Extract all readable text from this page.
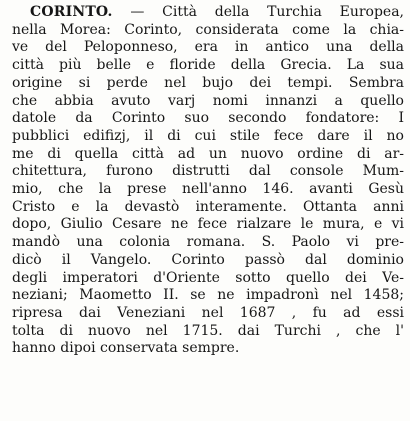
CORINTO. — Città della Turchia Europea,
nella Morea: Corinto, considerata come la chia-
ve del Peloponneso, era in antico una della
città più belle e floride della Grecia. La sua
origine si perde nel bujo dei tempi. Sembra
che abbia avuto varj nomi innanzi a quello
datole da Corinto suo secondo fondatore: I
pubblici edifizj, il di cui stile fece dare il no
me di quella città ad un nuovo ordine di ar-
chitettura, furono distrutti dal console Mum-
mio, che la prese nell'anno 146. avanti Gesù
Cristo e la devastò interamente. Ottanta anni
dopo, Giulio Cesare ne fece rialzare le mura, e vi
mandò una colonia romana. S. Paolo vi pre-
dicò il Vangelo. Corinto passò dal dominio
degli imperatori d'Oriente sotto quello dei Ve-
neziani; Maometto II. se ne impadronì nel 1458;
ripresa dai Veneziani nel 1687 , fu ad essi
tolta di nuovo nel 1715. dai Turchi , che l'
hanno dipoi conservata sempre.
